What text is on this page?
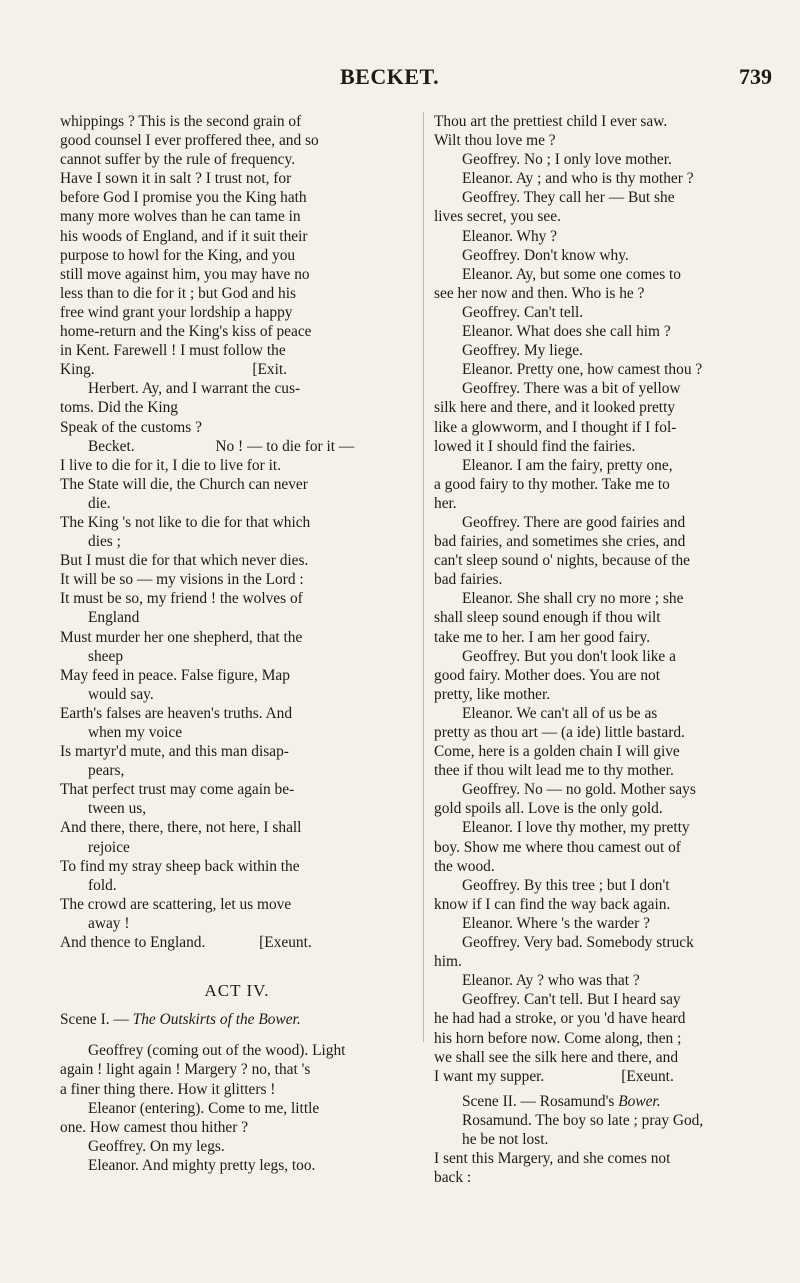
BECKET.	739
whippings ? This is the second grain of
good counsel I ever proffered thee, and so
cannot suffer by the rule of frequency.
Have I sown it in salt ? I trust not, for
before God I promise you the King hath
many more wolves than he can tame in
his woods of England, and if it suit their
purpose to howl for the King, and you
still move against him, you may have no
less than to die for it ; but God and his
free wind grant your lordship a happy
home-return and the King's kiss of peace
in Kent. Farewell ! I must follow the
King.                                         [Exit.
Herbert. Ay, and I warrant the cus-
toms. Did the King
Speak of the customs ?
Becket.                     No ! — to die for it —
I live to die for it, I die to live for it.
The State will die, the Church can never
die.
The King 's not like to die for that which
dies ;
But I must die for that which never dies.
It will be so — my visions in the Lord :
It must be so, my friend ! the wolves of
England
Must murder her one shepherd, that the
sheep
May feed in peace. False figure, Map
would say.
Earth's falses are heaven's truths. And
when my voice
Is martyr'd mute, and this man disap-
pears,
That perfect trust may come again be-
tween us,
And there, there, there, not here, I shall
rejoice
To find my stray sheep back within the
fold.
The crowd are scattering, let us move
away !
And thence to England.              [Exeunt.
ACT IV.
Scene I. — The Outskirts of the Bower.
Geoffrey (coming out of the wood). Light
again ! light again ! Margery ? no, that 's
a finer thing there. How it glitters !
Eleanor (entering). Come to me, little
one. How camest thou hither ?
Geoffrey. On my legs.
Eleanor. And mighty pretty legs, too.
Thou art the prettiest child I ever saw.
Wilt thou love me ?
Geoffrey. No ; I only love mother.
Eleanor. Ay ; and who is thy mother ?
Geoffrey. They call her — But she
lives secret, you see.
Eleanor. Why ?
Geoffrey. Don't know why.
Eleanor. Ay, but some one comes to
see her now and then. Who is he ?
Geoffrey. Can't tell.
Eleanor. What does she call him ?
Geoffrey. My liege.
Eleanor. Pretty one, how camest thou ?
Geoffrey. There was a bit of yellow
silk here and there, and it looked pretty
like a glowworm, and I thought if I fol-
lowed it I should find the fairies.
Eleanor. I am the fairy, pretty one,
a good fairy to thy mother. Take me to
her.
Geoffrey. There are good fairies and
bad fairies, and sometimes she cries, and
can't sleep sound o' nights, because of the
bad fairies.
Eleanor. She shall cry no more ; she
shall sleep sound enough if thou wilt
take me to her. I am her good fairy.
Geoffrey. But you don't look like a
good fairy. Mother does. You are not
pretty, like mother.
Eleanor. We can't all of us be as
pretty as thou art — (a ide) little bastard.
Come, here is a golden chain I will give
thee if thou wilt lead me to thy mother.
Geoffrey. No — no gold. Mother says
gold spoils all. Love is the only gold.
Eleanor. I love thy mother, my pretty
boy. Show me where thou camest out of
the wood.
Geoffrey. By this tree ; but I don't
know if I can find the way back again.
Eleanor. Where 's the warder ?
Geoffrey. Very bad. Somebody struck
him.
Eleanor. Ay ? who was that ?
Geoffrey. Can't tell. But I heard say
he had had a stroke, or you 'd have heard
his horn before now. Come along, then ;
we shall see the silk here and there, and
I want my supper.                    [Exeunt.
Scene II. — Rosamund's Bower.
Rosamund. The boy so late ; pray God,
he be not lost.
I sent this Margery, and she comes not
back :
